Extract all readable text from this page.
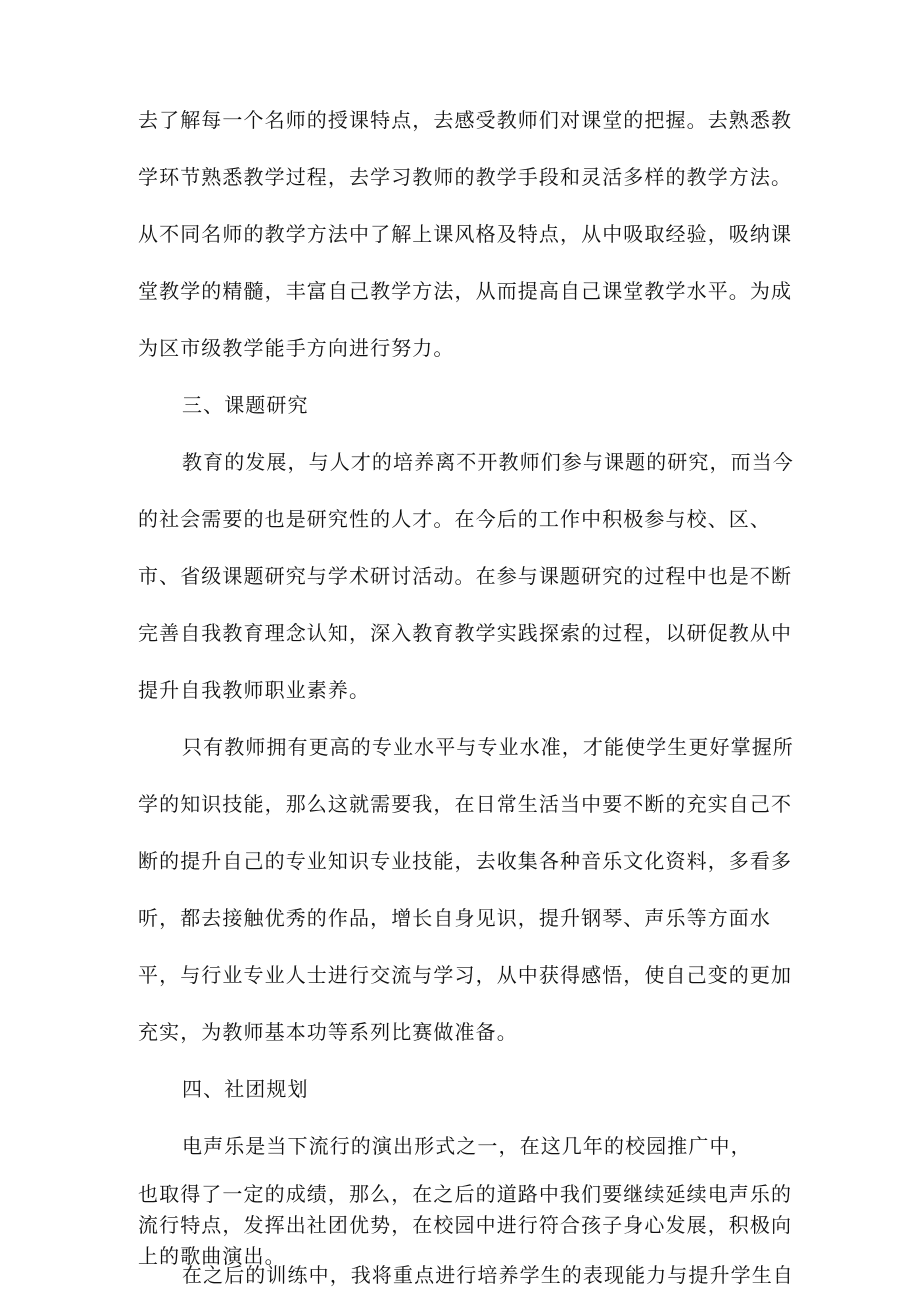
去了解每一个名师的授课特点，去感受教师们对课堂的把握。去熟悉教
学环节熟悉教学过程，去学习教师的教学手段和灵活多样的教学方法。
从不同名师的教学方法中了解上课风格及特点，从中吸取经验，吸纳课
堂教学的精髓，丰富自己教学方法，从而提高自己课堂教学水平。为成
为区市级教学能手方向进行努力。
三、课题研究
教育的发展，与人才的培养离不开教师们参与课题的研究，而当今
的社会需要的也是研究性的人才。在今后的工作中积极参与校、区、
市、省级课题研究与学术研讨活动。在参与课题研究的过程中也是不断
完善自我教育理念认知，深入教育教学实践探索的过程，以研促教从中
提升自我教师职业素养。
只有教师拥有更高的专业水平与专业水准，才能使学生更好掌握所
学的知识技能，那么这就需要我，在日常生活当中要不断的充实自己不
断的提升自己的专业知识专业技能，去收集各种音乐文化资料，多看多
听，都去接触优秀的作品，增长自身见识，提升钢琴、声乐等方面水
平，与行业专业人士进行交流与学习，从中获得感悟，使自己变的更加
充实，为教师基本功等系列比赛做准备。
四、社团规划
电声乐是当下流行的演出形式之一，在这几年的校园推广中，
也取得了一定的成绩，那么，在之后的道路中我们要继续延续电声乐的
流行特点，发挥出社团优势，在校园中进行符合孩子身心发展，积极向
上的歌曲演出。
在之后的训练中，我将重点进行培养学生的表现能力与提升学生自
